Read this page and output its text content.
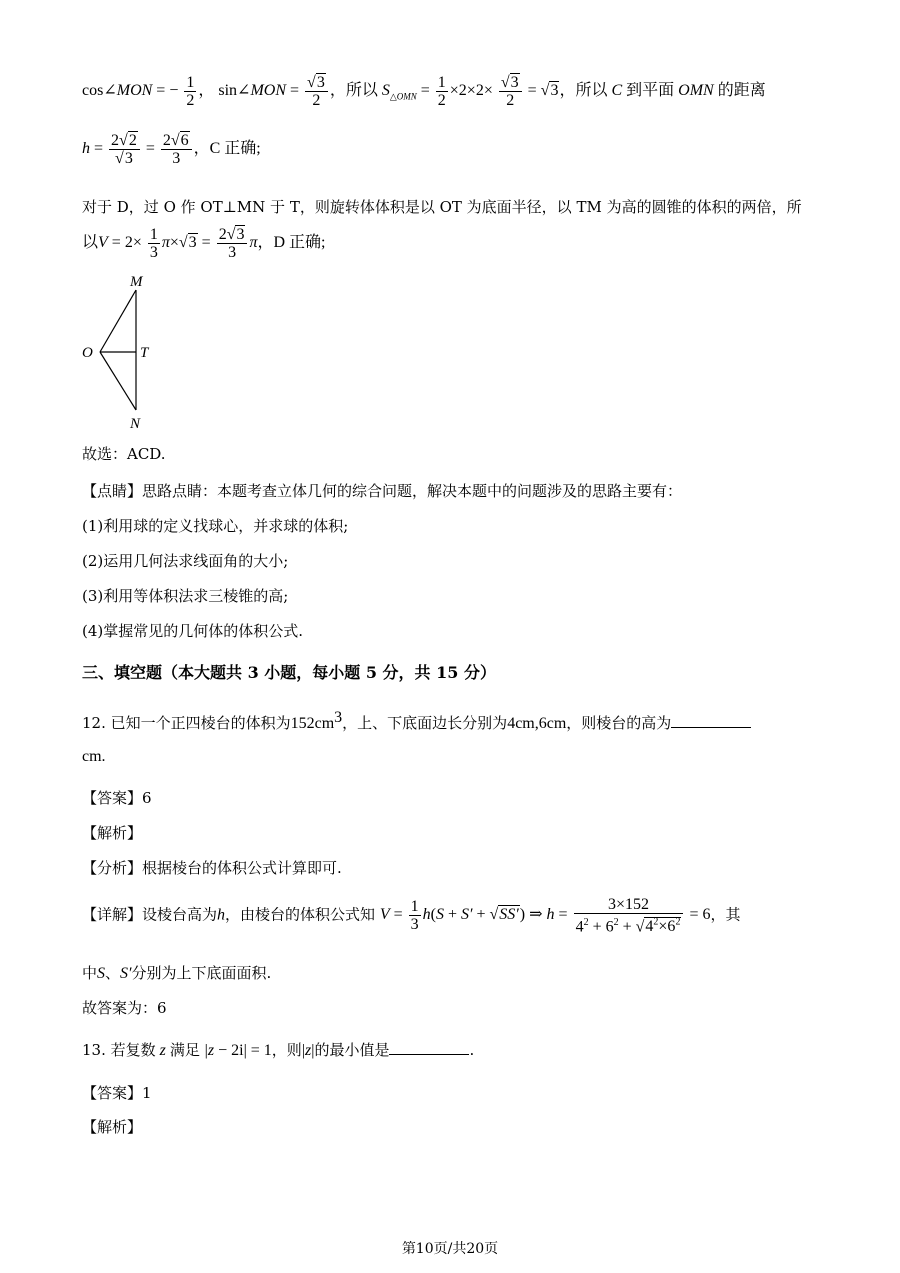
cos∠MON = − $\frac{1}{2}$ ， sin∠MON = $\frac{√3}{2}$ ，所以 $S_{\triangle OMN} = \frac{1}{2} \times 2\times 2\times \frac{√3}{2} = √3$，所以 C 到平面 OMN 的距离
$h = \frac{2√2}{√3} = \frac{2√6}{3}$ ，C 正确;
对于 D，过 O 作 OT⊥MN 于 T，则旋转体体积是以 OT 为底面半径，以 TM 为高的圆锥的体积的两倍，所
以$V = 2\times \frac{1}{3} \pi\times√3 = \frac{2√3}{3}$ π，D 正确;
M
O	T
N
故选：ACD.
【点睛】思路点睛：本题考查立体几何的综合问题，解决本题中的问题涉及的思路主要有：
(1)利用球的定义找球心，并求球的体积;
(2)运用几何法求线面角的大小;
(3)利用等体积法求三棱锥的高;
(4)掌握常见的几何体的体积公式.
三、填空题（本大题共 3 小题，每小题 5 分，共 15 分）
12. 已知一个正四棱台的体积为$152cm^3$，上、下底面边长分别为4cm,6cm，则棱台的高为
cm.
【答案】6
【解析】
【分析】根据棱台的体积公式计算即可.
【详解】设棱台高为h，由棱台的体积公式知 $V = \frac{1}{3} h(S + S' + √SS')$ ⇒ $h = \frac{3\times 152}{4^2 + 6^2 + √4^2\times 6^2} = 6$，其
中S、S′分别为上下底面面积.
故答案为：6
13. 若复数 z 满足 |z − 2i| = 1，则|z|的最小值是	.
【答案】1
【解析】
第10页/共20页
